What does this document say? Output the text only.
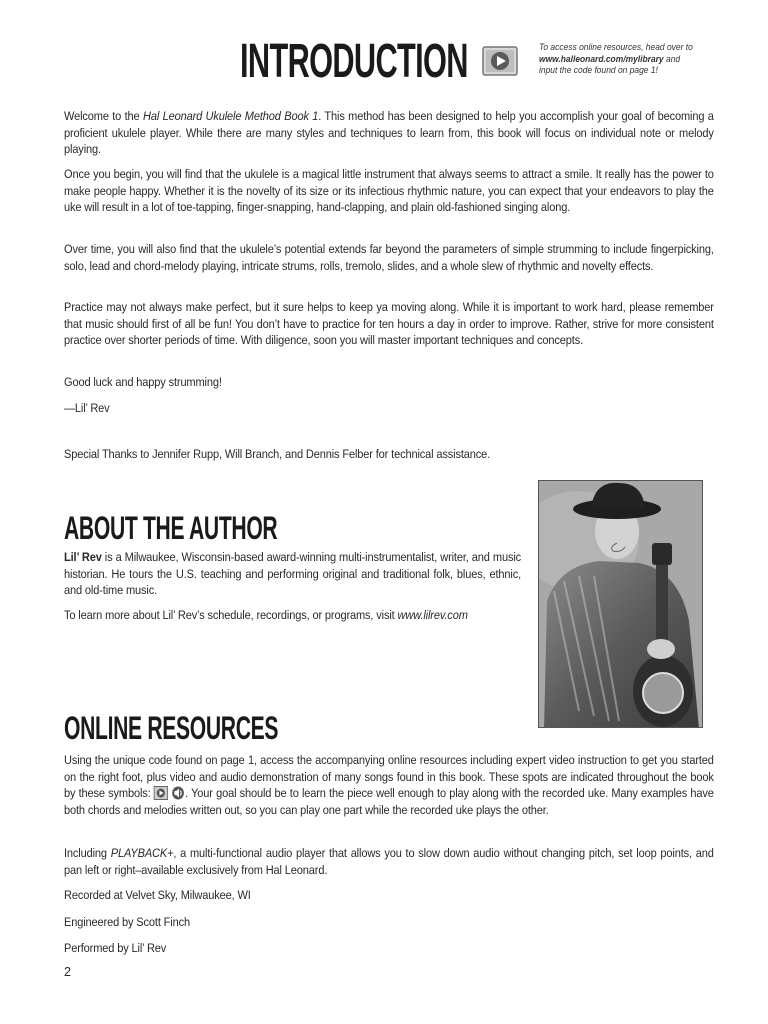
INTRODUCTION	To access online resources, head over to www.halleonard.com/mylibrary and input the code found on page 1!

Welcome to the Hal Leonard Ukulele Method Book 1. This method has been designed to help you accomplish your goal of becoming a proficient ukulele player. While there are many styles and techniques to learn from, this book will focus on individual note or melody playing.

Once you begin, you will find that the ukulele is a magical little instrument that always seems to attract a smile. It really has the power to make people happy. Whether it is the novelty of its size or its infectious rhythmic nature, you can expect that your endeavors to play the uke will result in a lot of toe-tapping, finger-snapping, hand-clapping, and plain old-fashioned singing along.

Over time, you will also find that the ukulele’s potential extends far beyond the parameters of simple strumming to include fingerpicking, solo, lead and chord-melody playing, intricate strums, rolls, tremolo, slides, and a whole slew of rhythmic and novelty effects.

Practice may not always make perfect, but it sure helps to keep ya moving along. While it is important to work hard, please remember that music should first of all be fun! You don’t have to practice for ten hours a day in order to improve. Rather, strive for more consistent practice over shorter periods of time. With diligence, soon you will master important techniques and concepts.

Good luck and happy strumming!

—Lil’ Rev

Special Thanks to Jennifer Rupp, Will Branch, and Dennis Felber for technical assistance.

ABOUT THE AUTHOR

Lil’ Rev is a Milwaukee, Wisconsin-based award-winning multi-instrumentalist, writer, and music historian. He tours the U.S. teaching and performing original and traditional folk, blues, ethnic, and old-time music.

To learn more about Lil’ Rev’s schedule, recordings, or programs, visit www.lilrev.com

ONLINE RESOURCES

Using the unique code found on page 1, access the accompanying online resources including expert video instruction to get you started on the right foot, plus video and audio demonstration of many songs found in this book. These spots are indicated throughout the book by these symbols:	. Your goal should be to learn the piece well enough to play along with the recorded uke. Many examples have both chords and melodies written out, so you can play one part while the recorded uke plays the other.

Including PLAYBACK+, a multi-functional audio player that allows you to slow down audio without changing pitch, set loop points, and pan left or right–available exclusively from Hal Leonard.

Recorded at Velvet Sky, Milwaukee, WI

Engineered by Scott Finch

Performed by Lil’ Rev

2
